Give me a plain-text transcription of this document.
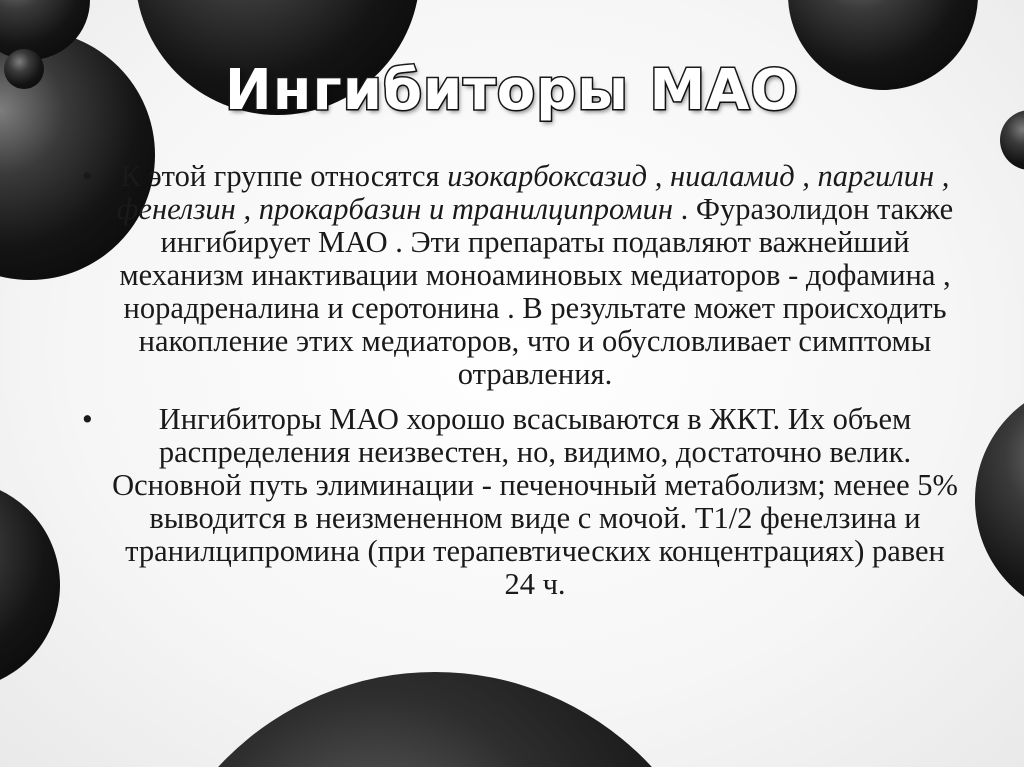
Ингибиторы МАО
• К этой группе относятся изокарбоксазид , ниаламид , паргилин , фенелзин , прокарбазин и транилципромин . Фуразолидон также ингибирует МАО . Эти препараты подавляют важнейший механизм инактивации моноаминовых медиаторов - дофамина , норадреналина и серотонина . В результате может происходить накопление этих медиаторов, что и обусловливает симптомы отравления.

•	Ингибиторы МАО хорошо всасываются в ЖКТ. Их объем распределения неизвестен, но, видимо, достаточно велик. Основной путь элиминации - печеночный метаболизм; менее 5% выводится в неизмененном виде с мочой. Т1/2 фенелзина и транилципромина (при терапевтических концентрациях) равен 24 ч.
